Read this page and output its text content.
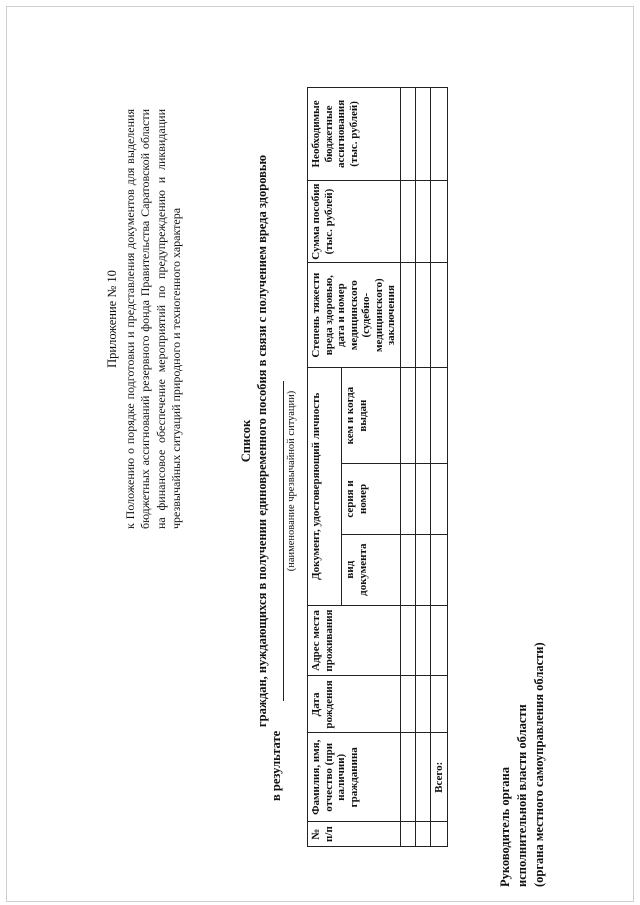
Приложение № 10 к Положению о порядке подготовки и представления документов для выделения бюджетных ассигнований резервного фонда Правительства Саратовской области на финансовое обеспечение мероприятий по предупреждению и ликвидации чрезвычайных ситуаций природного и техногенного характера	Список граждан, нуждающихся в получении единовременного пособия в связи с получением вреда здоровью
в результате
(наименование чрезвычайной ситуации)
№ п/п	Фамилия, имя, отчество (при наличии) гражданина	Дата рождения	Адрес места проживания	Документ, удостоверяющий личность			Степень тяжести вреда здоровью, дата и номер медицинского (судебно-медицинского) заключения	Сумма пособия (тыс. рублей)	Необходимые бюджетные ассигнования (тыс. рублей)
				вид документа	серия и номер	кем и когда выдан			

	Всего:									Руководитель органа исполнительной власти области (органа местного самоуправления области)
